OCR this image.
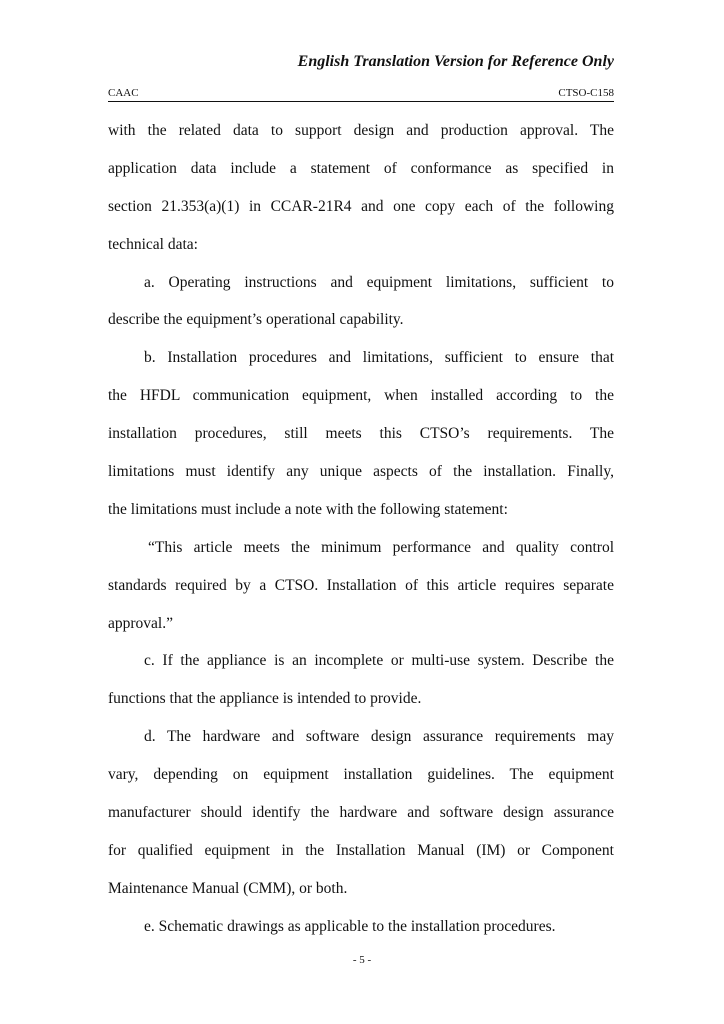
English Translation Version for Reference Only
CAAC	CTSO-C158
with the related data to support design and production approval. The
application data include a statement of conformance as specified in
section 21.353(a)(1) in CCAR-21R4 and one copy each of the following
technical data:
a. Operating instructions and equipment limitations, sufficient to
describe the equipment’s operational capability.
b. Installation procedures and limitations, sufficient to ensure that
the HFDL communication equipment, when installed according to the
installation procedures, still meets this CTSO’s requirements. The
limitations must identify any unique aspects of the installation. Finally,
the limitations must include a note with the following statement:
“This article meets the minimum performance and quality control
standards required by a CTSO. Installation of this article requires separate
approval.”
c. If the appliance is an incomplete or multi-use system. Describe the
functions that the appliance is intended to provide.
d. The hardware and software design assurance requirements may
vary, depending on equipment installation guidelines. The equipment
manufacturer should identify the hardware and software design assurance
for qualified equipment in the Installation Manual (IM) or Component
Maintenance Manual (CMM), or both.
e. Schematic drawings as applicable to the installation procedures.
- 5 -
